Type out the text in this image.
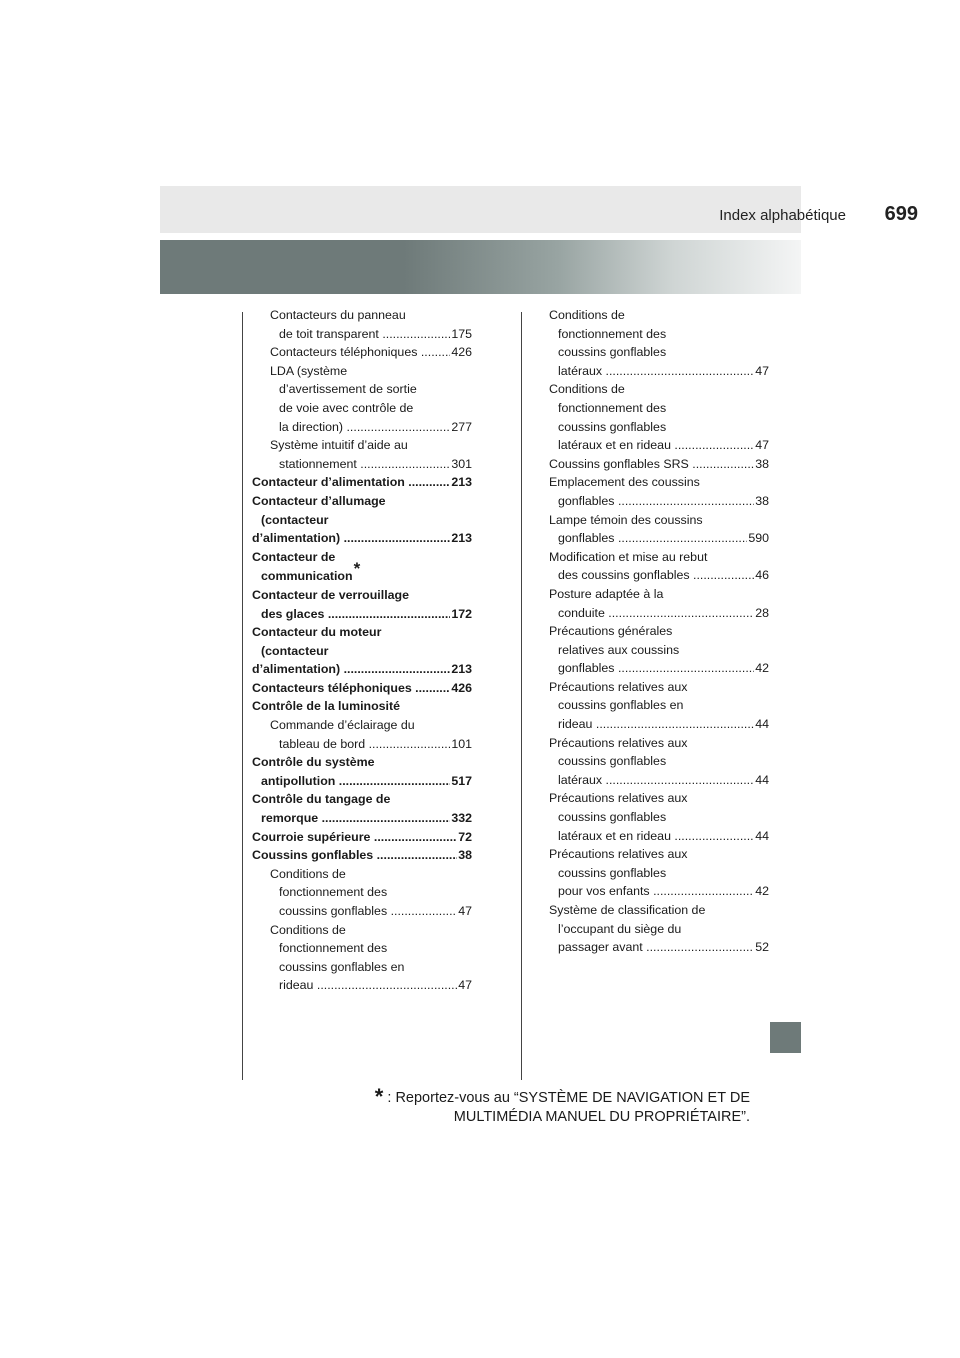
Index alphabétique 699
Contacteurs du panneau
de toit transparent .....	175
Contacteurs téléphoniques .....	426
LDA (système
d’avertissement de sortie
de voie avec contrôle de
la direction) .....	277
Système intuitif d’aide au
stationnement .....	301
Contacteur d’alimentation .....	213
Contacteur d’allumage
(contacteur
d’alimentation) .....	213
Contacteur de
communication*
Contacteur de verrouillage
des glaces .....	172
Contacteur du moteur
(contacteur
d’alimentation) .....	213
Contacteurs téléphoniques .....	426
Contrôle de la luminosité
Commande d’éclairage du
tableau de bord .....	101
Contrôle du système
antipollution .....	517
Contrôle du tangage de
remorque .....	332
Courroie supérieure .....	72
Coussins gonflables .....	38
Conditions de
fonctionnement des
coussins gonflables .....	47
Conditions de
fonctionnement des
coussins gonflables en
rideau .....	47
Conditions de
fonctionnement des
coussins gonflables
latéraux .....	47
Conditions de
fonctionnement des
coussins gonflables
latéraux et en rideau .....	47
Coussins gonflables SRS .....	38
Emplacement des coussins
gonflables .....	38
Lampe témoin des coussins
gonflables .....	590
Modification et mise au rebut
des coussins gonflables .....	46
Posture adaptée à la
conduite .....	28
Précautions générales
relatives aux coussins
gonflables .....	42
Précautions relatives aux
coussins gonflables en
rideau .....	44
Précautions relatives aux
coussins gonflables
latéraux .....	44
Précautions relatives aux
coussins gonflables
latéraux et en rideau .....	44
Précautions relatives aux
coussins gonflables
pour vos enfants .....	42
Système de classification de
l’occupant du siège du
passager avant .....	52
* : Reportez-vous au “SYSTÈME DE NAVIGATION ET DE
MULTIMÉDIA MANUEL DU PROPRIÉTAIRE”.
